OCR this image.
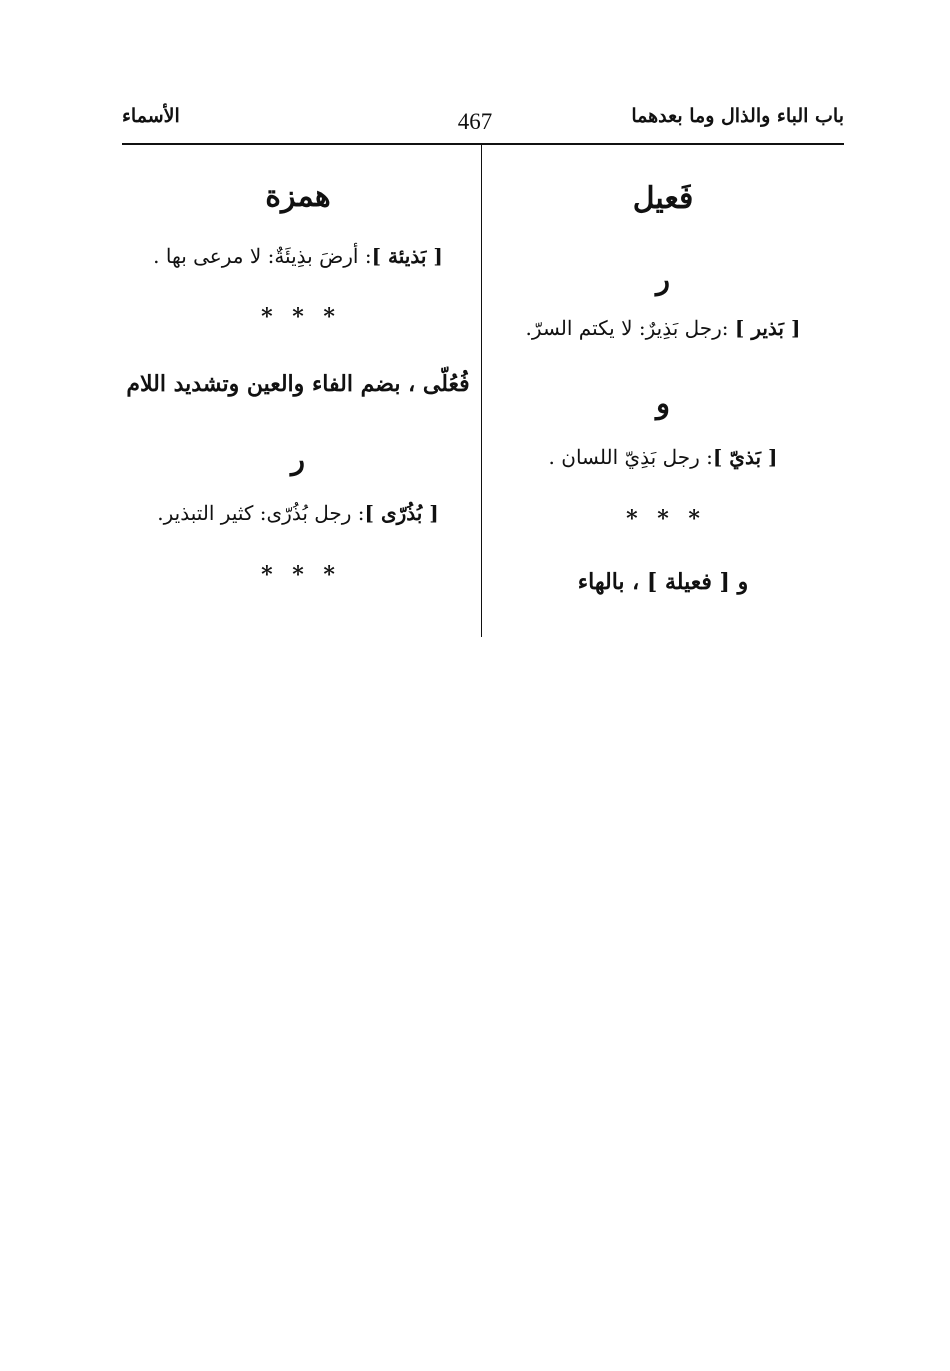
باب الباء والذال وما بعدهما
467
الأسماء
فَعيل
ر
[ بَذير ] :رجل بَذِيرٌ: لا يكتم السرّ.
و
[ بَذيّ ]: رجل بَذِيّ اللسان .
* * *
و [ فعيلة ] ، بالهاء
همزة
[ بَذيئة ]: أرضَ بذِيئَةٌ: لا مرعى بها .
* * *
فُعُلّى ، بضم الفاء والعين وتشديد اللام
ر
[ بُذُرّى ]: رجل بُذُرّى: كثير التبذير.
* * *
